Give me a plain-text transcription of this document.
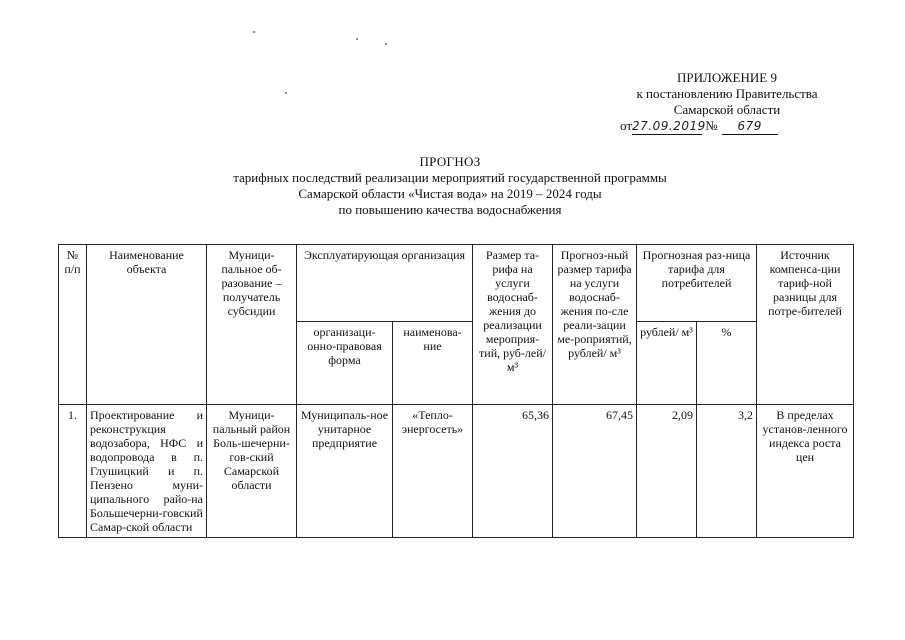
ПРИЛОЖЕНИЕ 9
к постановлению Правительства
Самарской области
от27.09.2019 № 679
ПРОГНОЗ
тарифных последствий реализации мероприятий государственной программы
Самарской области «Чистая вода» на 2019 – 2024 годы
по повышению качества водоснабжения
№ п/п	Наименование объекта	Муници-пальное об-разование – получатель субсидии	Эксплуатирующая организация		Размер та-рифа на услуги водоснаб-жения до реализации мероприя-тий, руб-лей/ м³	Прогноз-ный размер тарифа на услуги водоснаб-жения по-сле реали-зации ме-роприятий, рублей/ м³	Прогнозная раз-ница тарифа для потребителей		Источник компенса-ции тариф-ной разницы для потре-бителей
			организаци-онно-правовая форма	наименова-ние			рублей/ м³	%	
1.	Проектирование и реконструкция водозабора, НФС и водопровода в п. Глушицкий и п. Пензено муни-ципального райо-на Большечерни-говский Самар-ской области	Муници-пальный район Боль-шечерни-гов-ский Самарской области	Муниципаль-ное унитарное предприятие	«Тепло-энергосеть»	65,36	67,45	2,09	3,2	В пределах установ-ленного индекса роста цен
